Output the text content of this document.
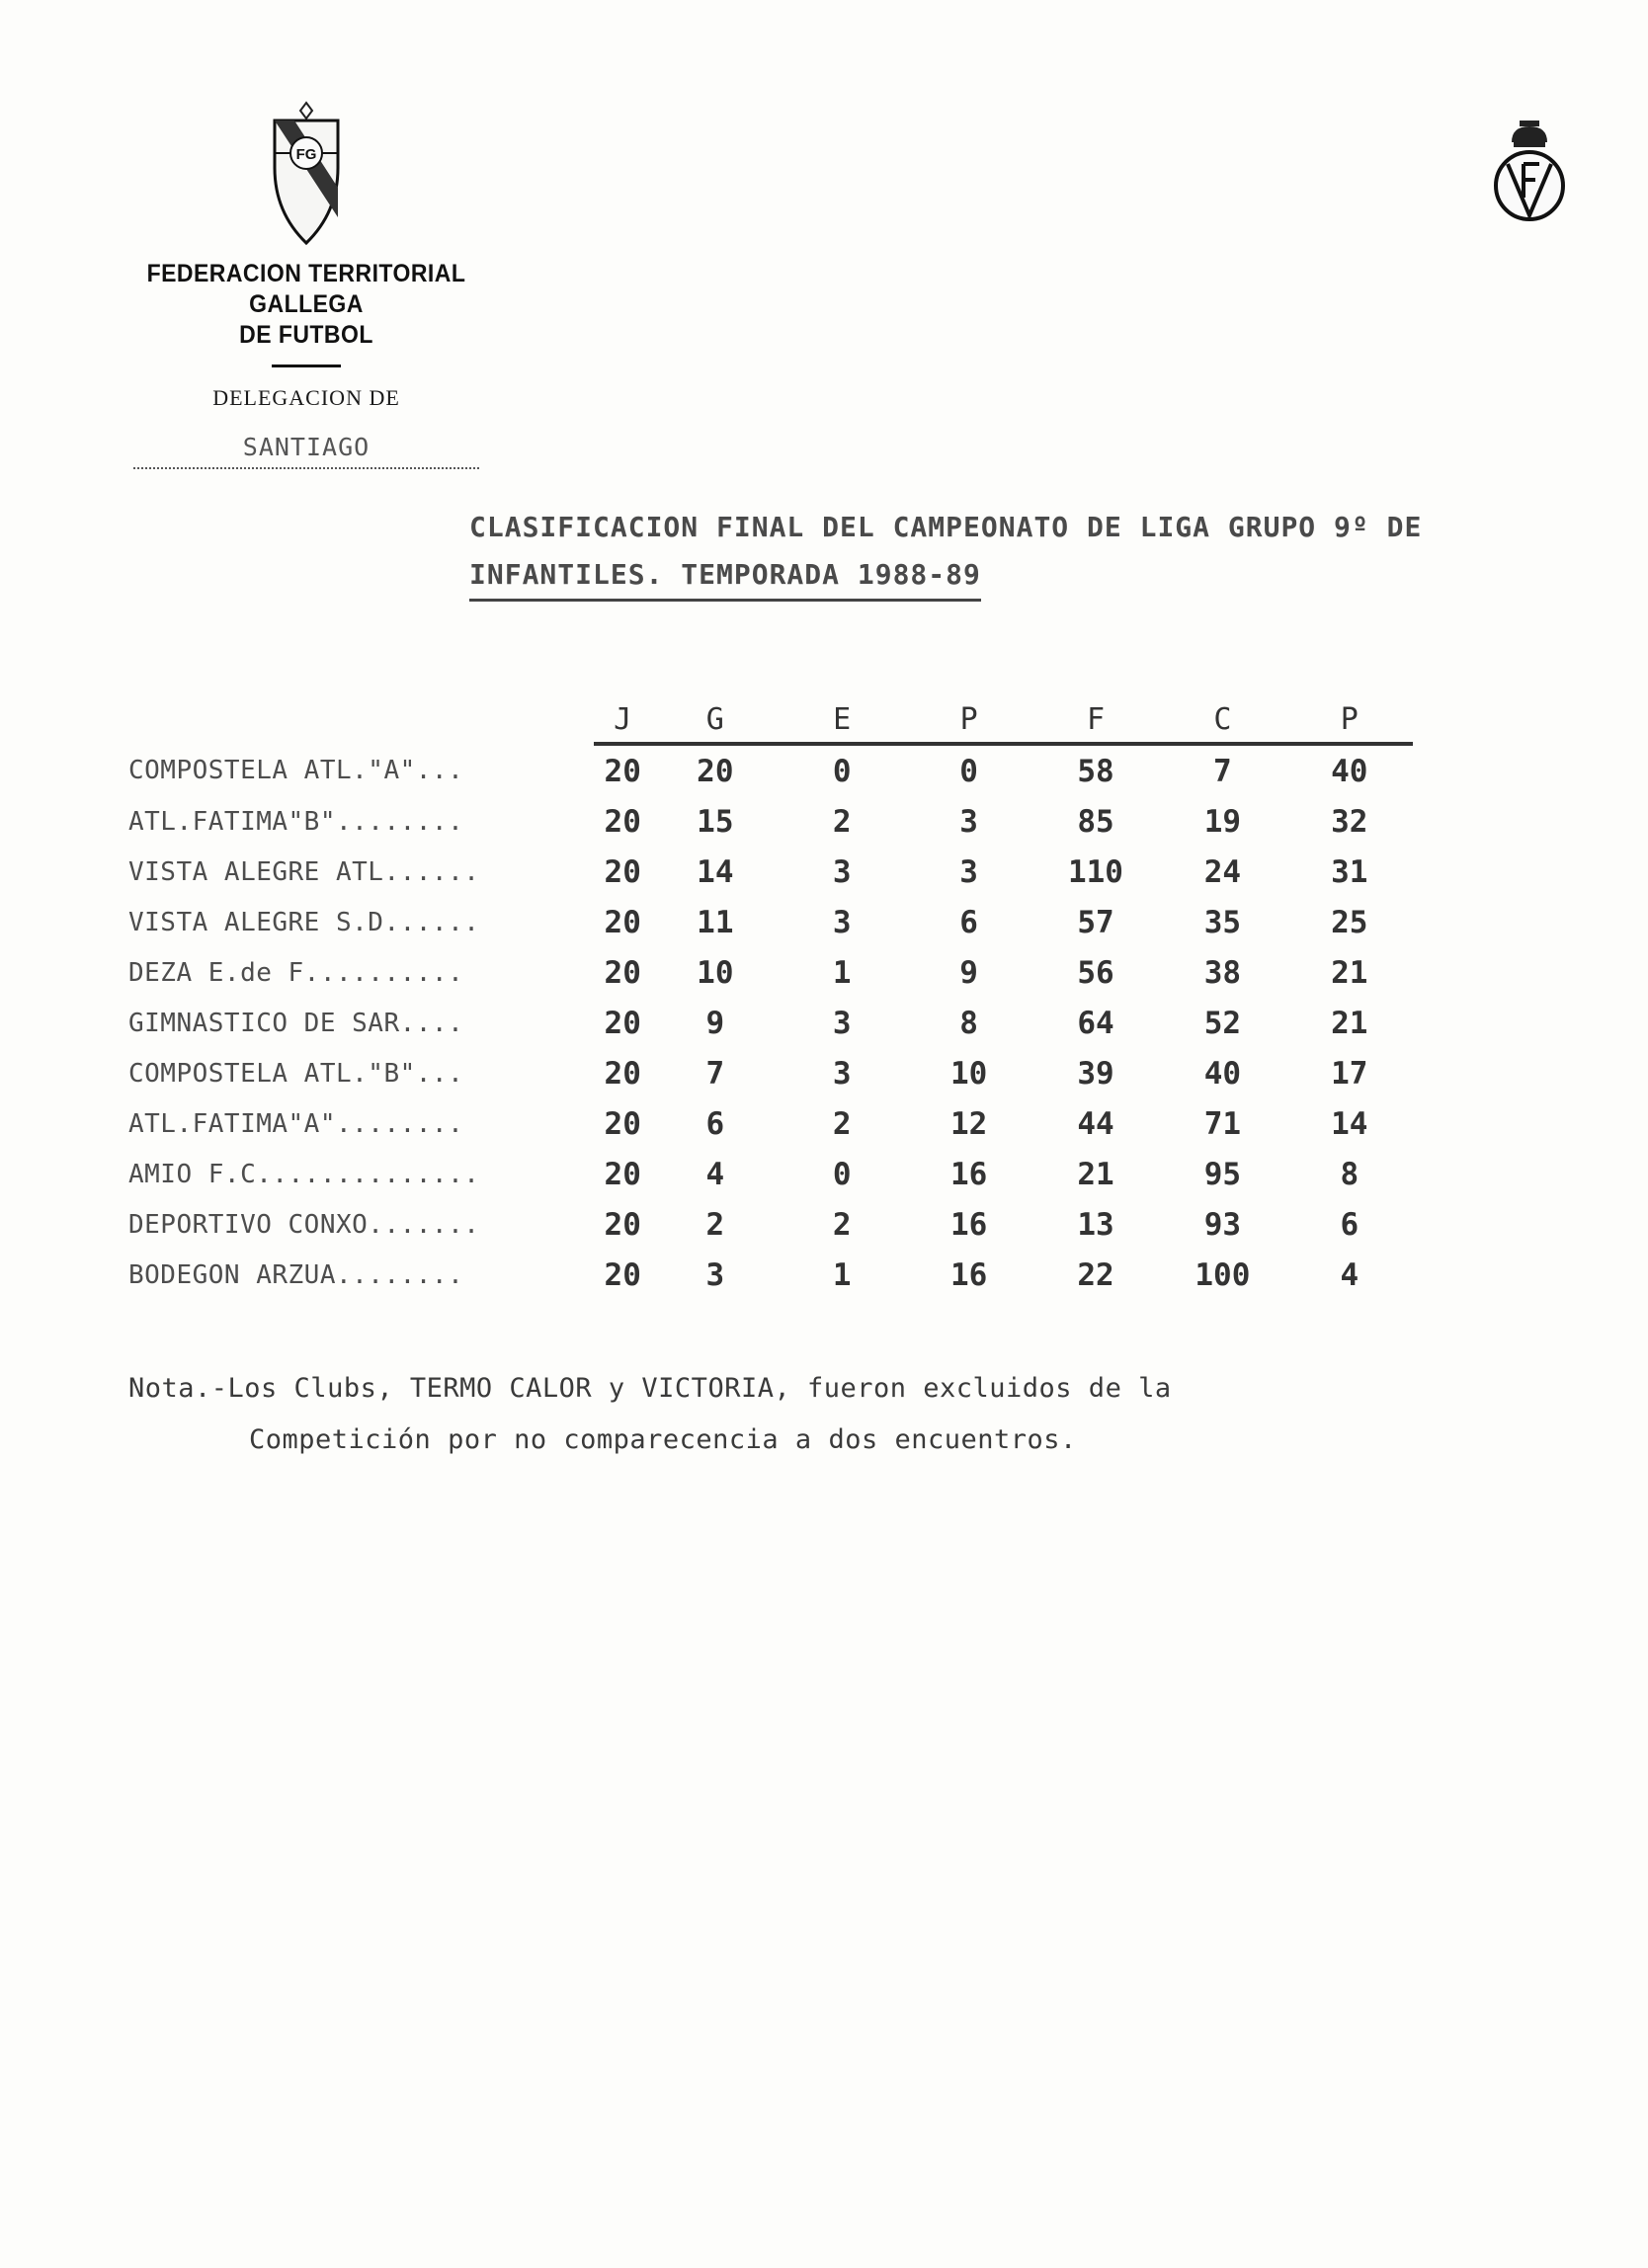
FG
FEDERACION TERRITORIAL GALLEGA
DE FUTBOL
DELEGACION DE
SANTIAGO
CLASIFICACION FINAL DEL CAMPEONATO DE LIGA GRUPO 9º DE
INFANTILES. TEMPORADA 1988-89
	J	G	E	P	F	C	P
COMPOSTELA ATL."A"...	20	20	0	0	58	7	40
ATL.FATIMA"B"........	20	15	2	3	85	19	32
VISTA ALEGRE ATL......	20	14	3	3	110	24	31
VISTA ALEGRE S.D......	20	11	3	6	57	35	25
DEZA E.de F..........	20	10	1	9	56	38	21
GIMNASTICO DE SAR....	20	9	3	8	64	52	21
COMPOSTELA ATL."B"...	20	7	3	10	39	40	17
ATL.FATIMA"A"........	20	6	2	12	44	71	14
AMIO F.C..............	20	4	0	16	21	95	8
DEPORTIVO CONXO.......	20	2	2	16	13	93	6
BODEGON ARZUA........	20	3	1	16	22	100	4
Nota.-Los Clubs, TERMO CALOR y VICTORIA, fueron excluidos de la
Competición por no comparecencia a dos encuentros.
